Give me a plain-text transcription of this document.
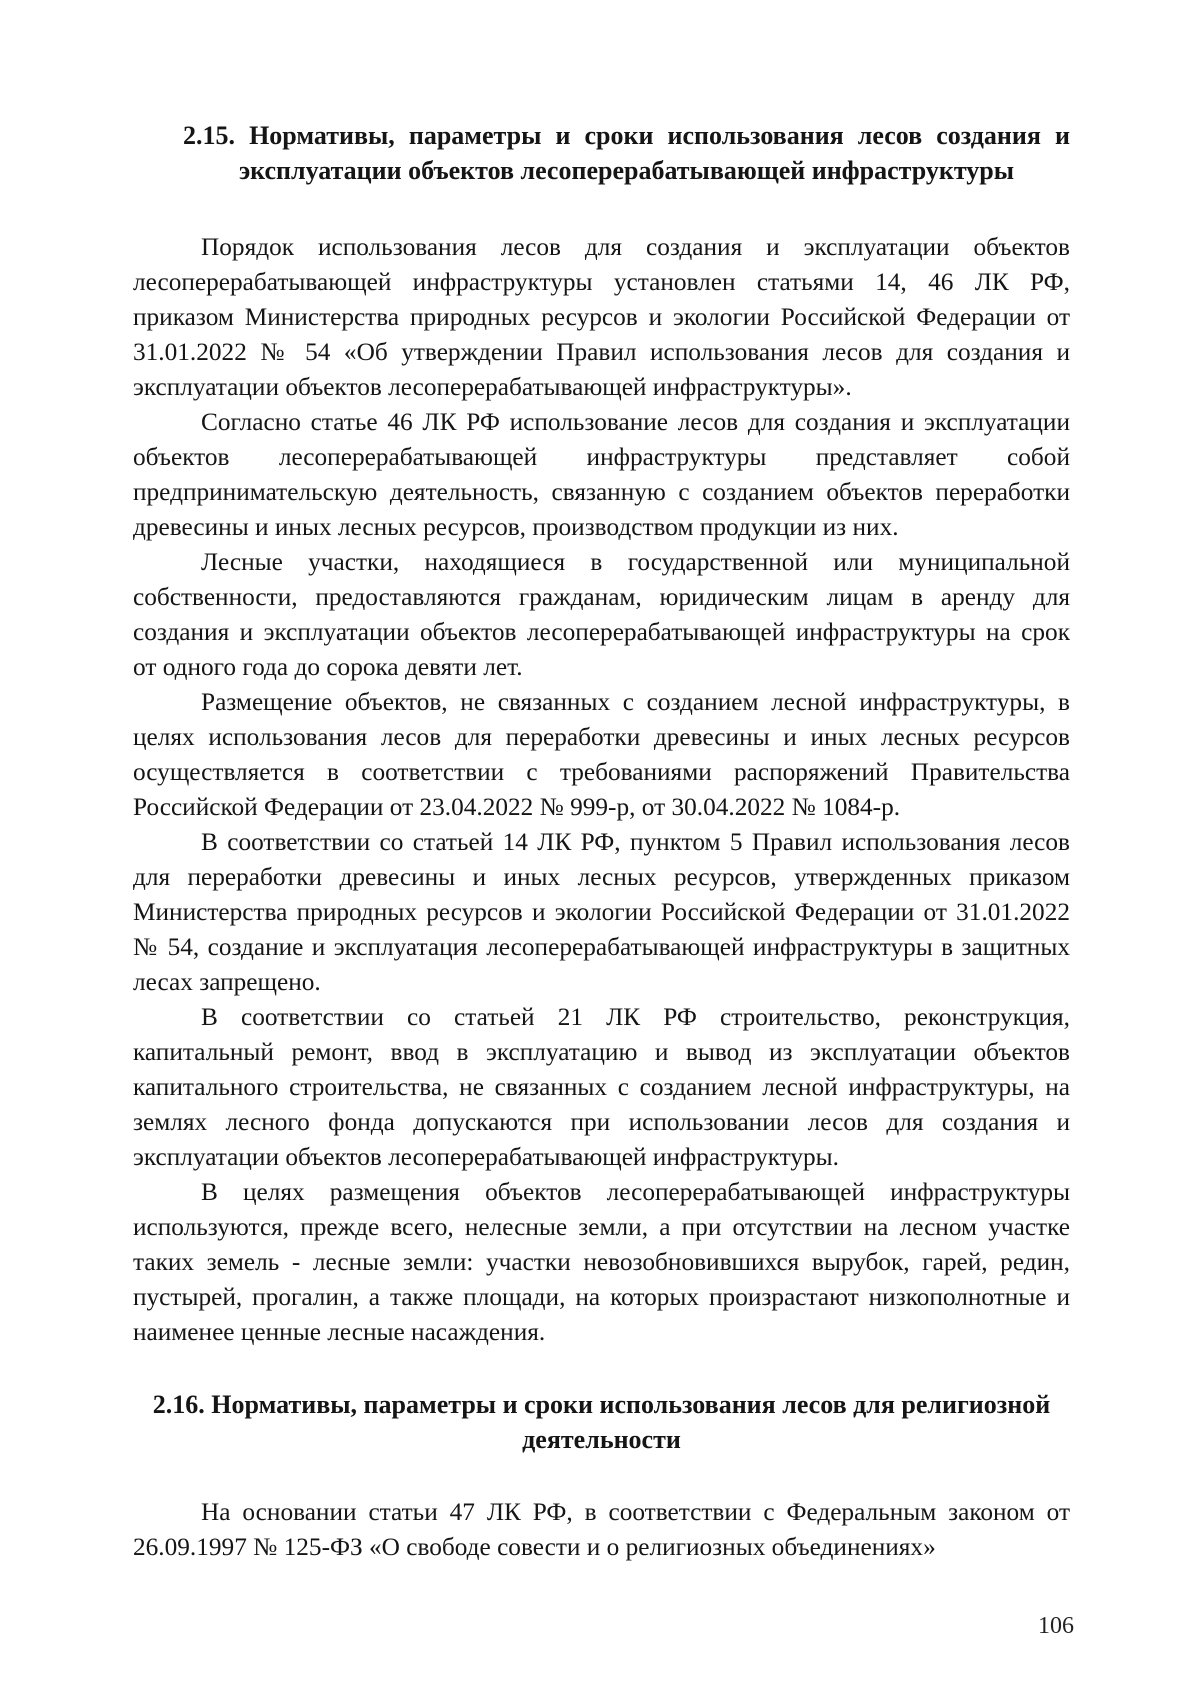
2.15. Нормативы, параметры и сроки использования лесов создания и эксплуатации объектов лесоперерабатывающей инфраструктуры

Порядок использования лесов для создания и эксплуатации объектов лесоперерабатывающей инфраструктуры установлен статьями 14, 46 ЛК РФ, приказом Министерства природных ресурсов и экологии Российской Федерации от 31.01.2022 № 54 «Об утверждении Правил использования лесов для создания и эксплуатации объектов лесоперерабатывающей инфраструктуры».

Согласно статье 46 ЛК РФ использование лесов для создания и эксплуатации объектов лесоперерабатывающей инфраструктуры представляет собой предпринимательскую деятельность, связанную с созданием объектов переработки древесины и иных лесных ресурсов, производством продукции из них.

Лесные участки, находящиеся в государственной или муниципальной собственности, предоставляются гражданам, юридическим лицам в аренду для создания и эксплуатации объектов лесоперерабатывающей инфраструктуры на срок от одного года до сорока девяти лет.

Размещение объектов, не связанных с созданием лесной инфраструктуры, в целях использования лесов для переработки древесины и иных лесных ресурсов осуществляется в соответствии с требованиями распоряжений Правительства Российской Федерации от 23.04.2022 № 999-р, от 30.04.2022 № 1084-р.

В соответствии со статьей 14 ЛК РФ, пунктом 5 Правил использования лесов для переработки древесины и иных лесных ресурсов, утвержденных приказом Министерства природных ресурсов и экологии Российской Федерации от 31.01.2022 № 54, создание и эксплуатация лесоперерабатывающей инфраструктуры в защитных лесах запрещено.

В соответствии со статьей 21 ЛК РФ строительство, реконструкция, капитальный ремонт, ввод в эксплуатацию и вывод из эксплуатации объектов капитального строительства, не связанных с созданием лесной инфраструктуры, на землях лесного фонда допускаются при использовании лесов для создания и эксплуатации объектов лесоперерабатывающей инфраструктуры.

В целях размещения объектов лесоперерабатывающей инфраструктуры используются, прежде всего, нелесные земли, а при отсутствии на лесном участке таких земель - лесные земли: участки невозобновившихся вырубок, гарей, редин, пустырей, прогалин, а также площади, на которых произрастают низкополнотные и наименее ценные лесные насаждения.

2.16. Нормативы, параметры и сроки использования лесов для религиозной деятельности

На основании статьи 47 ЛК РФ, в соответствии с Федеральным законом от 26.09.1997 № 125-ФЗ «О свободе совести и о религиозных объединениях»

106
